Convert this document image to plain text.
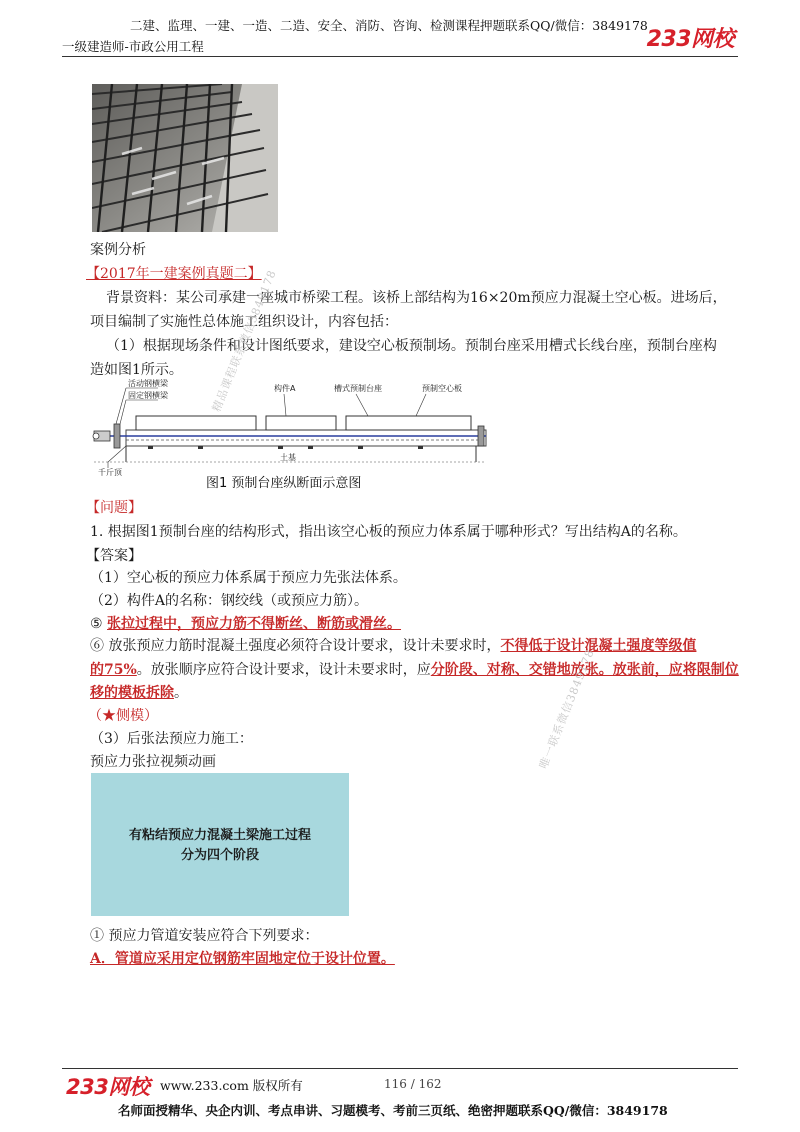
二建、监理、一建、一造、二造、安全、消防、咨询、检测课程押题联系QQ/微信：3849178
233网校
一级建造师-市政公用工程
案例分析
【2017年一建案例真题二】
背景资料：某公司承建一座城市桥梁工程。该桥上部结构为16×20m预应力混凝土空心板。进场后，
项目编制了实施性总体施工组织设计，内容包括：
（1）根据现场条件和设计图纸要求，建设空心板预制场。预制台座采用槽式长线台座，预制台座构
造如图1所示。
活动钢横梁
固定钢横梁
构件A	槽式预制台座	预制空心板
千斤顶
土基
图1 预制台座纵断面示意图
【问题】
1. 根据图1预制台座的结构形式，指出该空心板的预应力体系属于哪种形式？写出结构A的名称。
【答案】
（1）空心板的预应力体系属于预应力先张法体系。
（2）构件A的名称：钢绞线（或预应力筋）。
⑤ 张拉过程中，预应力筋不得断丝、断筋或滑丝。
⑥ 放张预应力筋时混凝土强度必须符合设计要求，设计未要求时，不得低于设计混凝土强度等级值
的75%。放张顺序应符合设计要求，设计未要求时，应分阶段、对称、交错地放张。放张前，应将限制位
移的模板拆除。
（★侧模）
（3）后张法预应力施工：
预应力张拉视频动画
有粘结预应力混凝土梁施工过程
分为四个阶段
① 预应力管道安装应符合下列要求：
A．管道应采用定位钢筋牢固地定位于设计位置。
精品课程联系微信3849178
唯一联系微信3849178
233网校 www.233.com 版权所有	116 / 162
名师面授精华、央企内训、考点串讲、习题模考、考前三页纸、绝密押题联系QQ/微信：3849178
